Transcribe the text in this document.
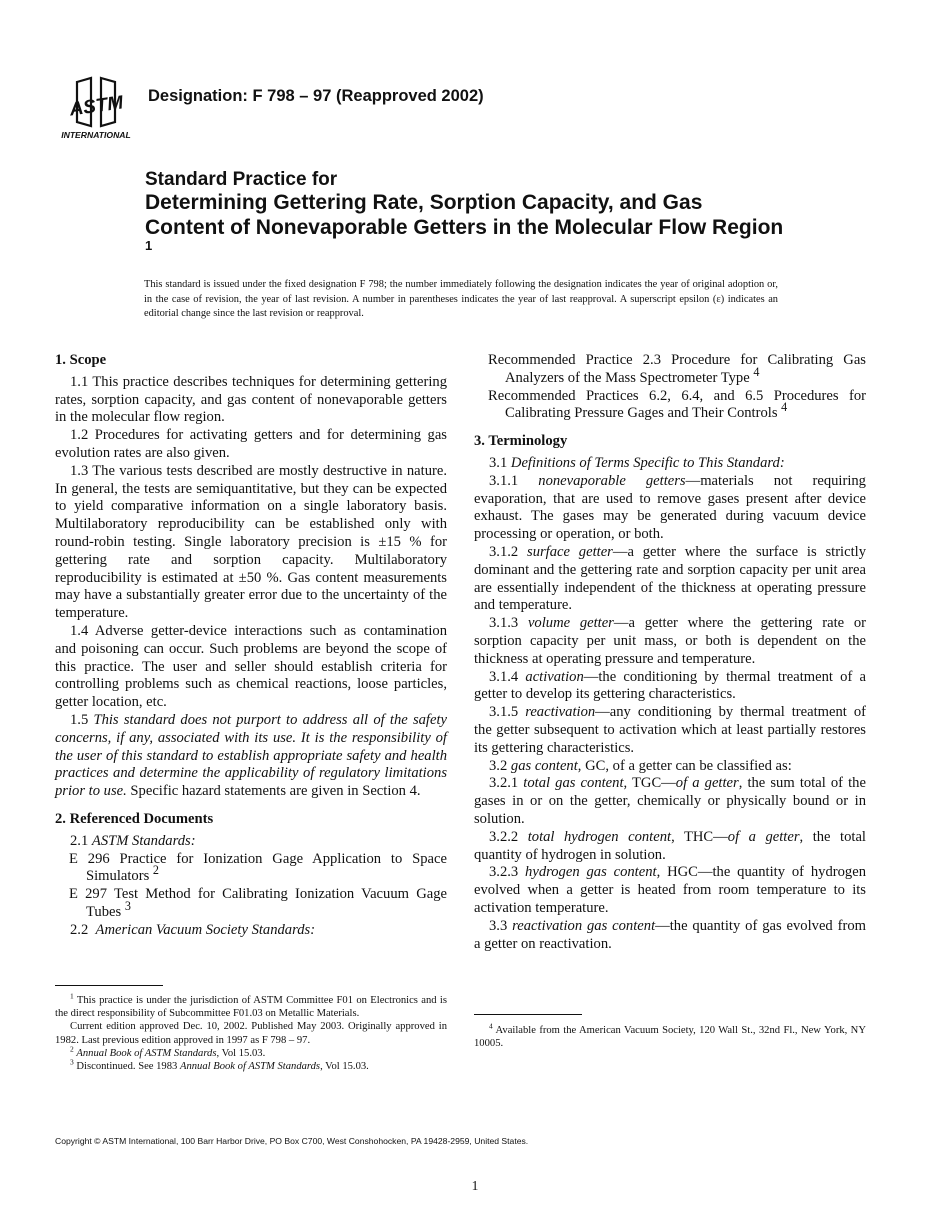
ASTM
INTERNATIONAL
Designation: F 798 – 97 (Reapproved 2002)
Standard Practice for
Determining Gettering Rate, Sorption Capacity, and Gas Content of Nonevaporable Getters in the Molecular Flow Region $^1$
This standard is issued under the fixed designation F 798; the number immediately following the designation indicates the year of original adoption or, in the case of revision, the year of last revision. A number in parentheses indicates the year of last reapproval. A superscript epsilon (ε) indicates an editorial change since the last revision or reapproval.

1. Scope

1.1 This practice describes techniques for determining gettering rates, sorption capacity, and gas content of nonevaporable getters in the molecular flow region.

1.2 Procedures for activating getters and for determining gas evolution rates are also given.

1.3 The various tests described are mostly destructive in nature. In general, the tests are semiquantitative, but they can be expected to yield comparative information on a single laboratory basis. Multilaboratory reproducibility can be established only with round-robin testing. Single laboratory precision is ±15 % for gettering rate and sorption capacity. Multilaboratory reproducibility is estimated at ±50 %. Gas content measurements may have a substantially greater error due to the uncertainty of the temperature.

1.4 Adverse getter-device interactions such as contamination and poisoning can occur. Such problems are beyond the scope of this practice. The user and seller should establish criteria for controlling problems such as chemical reactions, loose particles, getter location, etc.

1.5 This standard does not purport to address all of the safety concerns, if any, associated with its use. It is the responsibility of the user of this standard to establish appropriate safety and health practices and determine the applicability of regulatory limitations prior to use. Specific hazard statements are given in Section 4.

2. Referenced Documents

2.1 ASTM Standards:

E 296 Practice for Ionization Gage Application to Space Simulators $^2$

E 297 Test Method for Calibrating Ionization Vacuum Gage Tubes $^3$

2.2 American Vacuum Society Standards:

Recommended Practice 2.3 Procedure for Calibrating Gas Analyzers of the Mass Spectrometer Type $^4$

Recommended Practices 6.2, 6.4, and 6.5 Procedures for Calibrating Pressure Gages and Their Controls $^4$

3. Terminology

3.1 Definitions of Terms Specific to This Standard:

3.1.1 nonevaporable getters—materials not requiring evaporation, that are used to remove gases present after device exhaust. The gases may be generated during vacuum device processing or operation, or both.

3.1.2 surface getter—a getter where the surface is strictly dominant and the gettering rate and sorption capacity per unit area are essentially independent of the thickness at operating pressure and temperature.

3.1.3 volume getter—a getter where the gettering rate or sorption capacity per unit mass, or both is dependent on the thickness at operating pressure and temperature.

3.1.4 activation—the conditioning by thermal treatment of a getter to develop its gettering characteristics.

3.1.5 reactivation—any conditioning by thermal treatment of the getter subsequent to activation which at least partially restores its gettering characteristics.

3.2 gas content, GC, of a getter can be classified as:

3.2.1 total gas content, TGC—of a getter, the sum total of the gases in or on the getter, chemically or physically bound or in solution.

3.2.2 total hydrogen content, THC—of a getter, the total quantity of hydrogen in solution.

3.2.3 hydrogen gas content, HGC—the quantity of hydrogen evolved when a getter is heated from room temperature to its activation temperature.

3.3 reactivation gas content—the quantity of gas evolved from a getter on reactivation.

$^1$ This practice is under the jurisdiction of ASTM Committee F01 on Electronics and is the direct responsibility of Subcommittee F01.03 on Metallic Materials.

Current edition approved Dec. 10, 2002. Published May 2003. Originally approved in 1982. Last previous edition approved in 1997 as F 798 – 97.

$^2$ Annual Book of ASTM Standards, Vol 15.03.

$^3$ Discontinued. See 1983 Annual Book of ASTM Standards, Vol 15.03.

$^4$ Available from the American Vacuum Society, 120 Wall St., 32nd Fl., New York, NY 10005.

Copyright © ASTM International, 100 Barr Harbor Drive, PO Box C700, West Conshohocken, PA 19428-2959, United States.
1
